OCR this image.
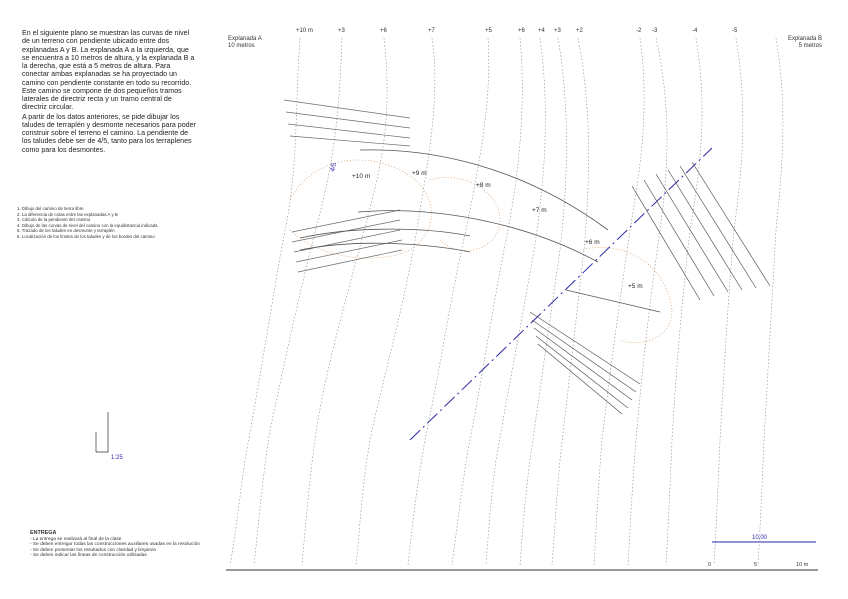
En el siguiente plano se muestran las curvas de nivel de un terreno con pendiente ubicado entre dos explanadas A y B. La explanada A a la izquierda, que se encuentra a 10 metros de altura, y la explanada B a la derecha, que está a 5 metros de altura. Para conectar ambas explanadas se ha proyectado un camino con pendiente constante en todo su recorrido. Este camino se compone de dos pequeños tramos laterales de directriz recta y un tramo central de directriz circular.

A partir de los datos anteriores, se pide dibujar los taludes de terraplén y desmonte necesarios para poder construir sobre el terreno el camino. La pendiente de los taludes debe ser de 4/5, tanto para los terraplenes como para los desmontes.

1. Dibujo del camino de tierra libre
2. La diferencia de cotas entre las explanadas A y B
3. Cálculo de la pendiente del camino
4. Dibujo de las curvas de nivel del camino con la equidistancia indicada
5. Trazado de los taludes en desmonte y terraplén
6. Localización de los límites de los taludes y de los bordes del camino
Explanada A
10 metros
Explanada B
5 metros
ENTREGA
- La entrega se realizará al final de la clase
- Se deben entregar todas las construcciones auxiliares usadas en la resolución
- Se deben presentar los resultados con claridad y limpieza
- Se deben indicar las líneas de construcción utilizadas
+10 m	+3	+6	+7	+5	+6 +4 +3	+2	-2 -3	-4	-5
+10 m	+9 m
+8 m
+7 m
+6 m
+5 m
4/5
1:25
10,00
0	5	10 m
